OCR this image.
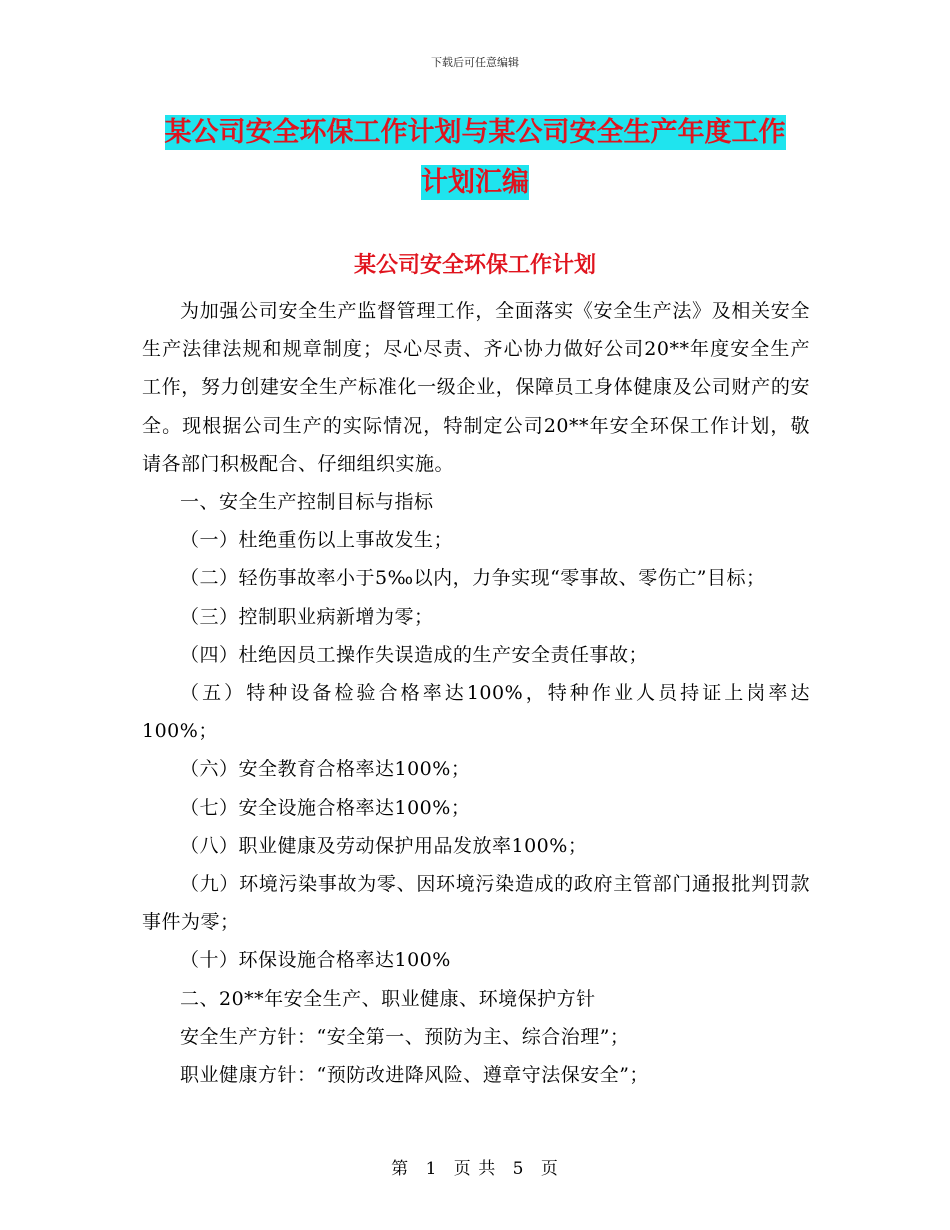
下载后可任意编辑
某公司安全环保工作计划与某公司安全生产年度工作
计划汇编
某公司安全环保工作计划

为加强公司安全生产监督管理工作，全面落实《安全生产法》及相关安全生产法律法规和规章制度；尽心尽责、齐心协力做好公司20**年度安全生产工作，努力创建安全生产标准化一级企业，保障员工身体健康及公司财产的安全。现根据公司生产的实际情况，特制定公司20**年安全环保工作计划，敬请各部门积极配合、仔细组织实施。

一、安全生产控制目标与指标

（一）杜绝重伤以上事故发生；

（二）轻伤事故率小于5‰以内，力争实现“零事故、零伤亡”目标；

（三）控制职业病新增为零；

（四）杜绝因员工操作失误造成的生产安全责任事故；

（五）特种设备检验合格率达100%，特种作业人员持证上岗率达100%；

（六）安全教育合格率达100%；

（七）安全设施合格率达100%；

（八）职业健康及劳动保护用品发放率100%；

（九）环境污染事故为零、因环境污染造成的政府主管部门通报批判罚款事件为零；

（十）环保设施合格率达100%

二、20**年安全生产、职业健康、环境保护方针

安全生产方针：“安全第一、预防为主、综合治理”；

职业健康方针：“预防改进降风险、遵章守法保安全”；

第 1 页 共 5 页
